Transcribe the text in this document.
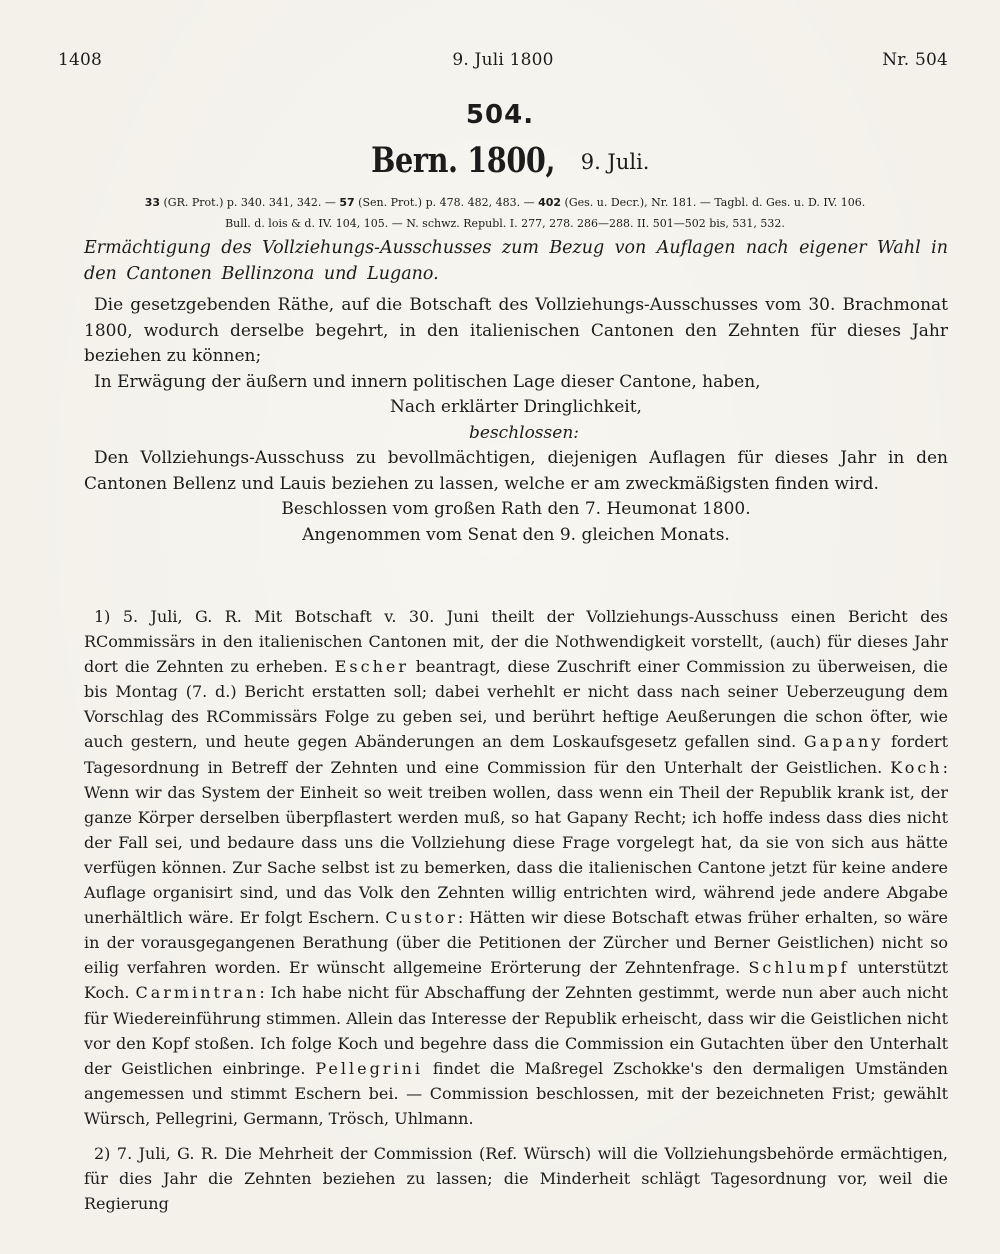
1408	9. Juli 1800	Nr. 504
504.
Bern. 1800, 9. Juli.
33 (GR. Prot.) p. 340. 341, 342. — 57 (Sen. Prot.) p. 478. 482, 483. — 402 (Ges. u. Decr.), Nr. 181. — Tagbl. d. Ges. u. D. IV. 106.
Bull. d. lois & d. IV. 104, 105. — N. schwz. Republ. I. 277, 278. 286—288. II. 501—502 bis, 531, 532.
Ermächtigung des Vollziehungs-Ausschusses zum Bezug von Auflagen nach eigener Wahl in den Cantonen Bellinzona und Lugano.

Die gesetzgebenden Räthe, auf die Botschaft des Vollziehungs-Ausschusses vom 30. Brachmonat 1800, wodurch derselbe begehrt, in den italienischen Cantonen den Zehnten für dieses Jahr beziehen zu können;

In Erwägung der äußern und innern politischen Lage dieser Cantone, haben,

Nach erklärter Dringlichkeit,

beschlossen:

Den Vollziehungs-Ausschuss zu bevollmächtigen, diejenigen Auflagen für dieses Jahr in den Cantonen Bellenz und Lauis beziehen zu lassen, welche er am zweckmäßigsten finden wird.

Beschlossen vom großen Rath den 7. Heumonat 1800.

Angenommen vom Senat den 9. gleichen Monats.

1) 5. Juli, G. R. Mit Botschaft v. 30. Juni theilt der Vollziehungs-Ausschuss einen Bericht des RCommissärs in den italienischen Cantonen mit, der die Nothwendigkeit vorstellt, (auch) für dieses Jahr dort die Zehnten zu erheben. Escher beantragt, diese Zuschrift einer Commission zu überweisen, die bis Montag (7. d.) Bericht erstatten soll; dabei verhehlt er nicht dass nach seiner Ueberzeugung dem Vorschlag des RCommissärs Folge zu geben sei, und berührt heftige Aeußerungen die schon öfter, wie auch gestern, und heute gegen Abänderungen an dem Loskaufsgesetz gefallen sind. Gapany fordert Tagesordnung in Betreff der Zehnten und eine Commission für den Unterhalt der Geistlichen. Koch: Wenn wir das System der Einheit so weit treiben wollen, dass wenn ein Theil der Republik krank ist, der ganze Körper derselben überpflastert werden muß, so hat Gapany Recht; ich hoffe indess dass dies nicht der Fall sei, und bedaure dass uns die Vollziehung diese Frage vorgelegt hat, da sie von sich aus hätte verfügen können. Zur Sache selbst ist zu bemerken, dass die italienischen Cantone jetzt für keine andere Auflage organisirt sind, und das Volk den Zehnten willig entrichten wird, während jede andere Abgabe unerhältlich wäre. Er folgt Eschern. Custor: Hätten wir diese Botschaft etwas früher erhalten, so wäre in der vorausgegangenen Berathung (über die Petitionen der Zürcher und Berner Geistlichen) nicht so eilig verfahren worden. Er wünscht allgemeine Erörterung der Zehntenfrage. Schlumpf unterstützt Koch. Carmintran: Ich habe nicht für Abschaffung der Zehnten gestimmt, werde nun aber auch nicht für Wiedereinführung stimmen. Allein das Interesse der Republik erheischt, dass wir die Geistlichen nicht vor den Kopf stoßen. Ich folge Koch und begehre dass die Commission ein Gutachten über den Unterhalt der Geistlichen einbringe. Pellegrini findet die Maßregel Zschokke's den dermaligen Umständen angemessen und stimmt Eschern bei. — Commission beschlossen, mit der bezeichneten Frist; gewählt Würsch, Pellegrini, Germann, Trösch, Uhlmann.

2) 7. Juli, G. R. Die Mehrheit der Commission (Ref. Würsch) will die Vollziehungsbehörde ermächtigen, für dies Jahr die Zehnten beziehen zu lassen; die Minderheit schlägt Tagesordnung vor, weil die Regierung
